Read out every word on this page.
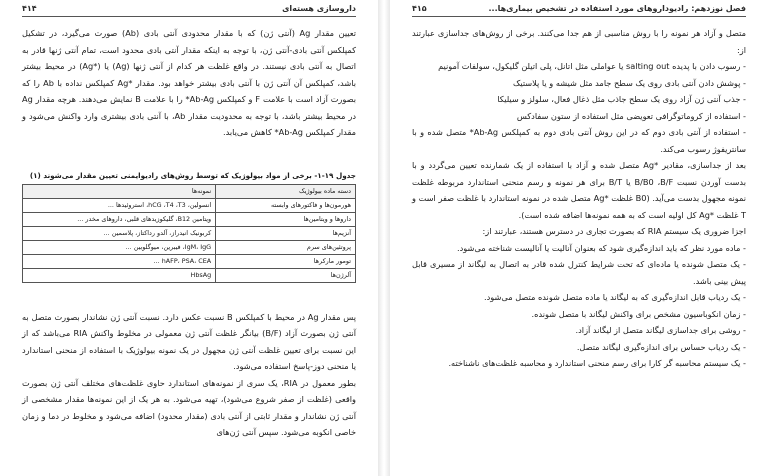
داروسازی هسته‌ای
۴۱۴

تعیین مقدار Ag (آنتی ژن) که با مقدار محدودی آنتی بادی (Ab) صورت می‌گیرد، در تشکیل کمپلکس آنتی بادی-آنتی ژن، با توجه به اینکه مقدار آنتی بادی محدود است، تمام آنتی ژنها قادر به اتصال به آنتی بادی نیستند. در واقع غلظت هر کدام از آنتی ژنها (Ag) یا (*Ag) در محیط بیشتر باشد، کمپلکس آن آنتی ژن با آنتی بادی بیشتر خواهد بود. مقدار *Ag کمپلکس نداده با Ab را که بصورت آزاد است با علامت F و کمپلکس Ab-Ag* را با علامت B نمایش می‌دهند. هرچه مقدار Ag در محیط بیشتر باشد، با توجه به محدودیت مقدار Ab، با آنتی بادی بیشتری وارد واکنش می‌شود و مقدار کمپلکس Ab-Ag* کاهش می‌یابد.

جدول ۱۹-۱- برخی از مواد بیولوژیک که توسط روش‌های رادیوایمنی تعیین مقدار می‌شوند (۱)
دسته ماده بیولوژیک	نمونه‌ها
هورمون‌ها و فاکتورهای وابسته	انسولین، hCG ،T4 ،T3، استروئیدها ...
داروها و ویتامین‌ها	ویتامین B12، گلیکوزیدهای قلبی، داروهای مخدر ...
آنزیم‌ها	کربونیک انیدراز، آلدو رداکتاز، پلاسمین ...
پروتئین‌های سرم	IgM، IgG، فیبرین، میوگلوبین ...
تومور مارکرها	hAFP، PSA، CEA ...
آلرژن‌ها	HbsAg

پس مقدار Ag در محیط با کمپلکس B نسبت عکس دارد. نسبت آنتی ژن نشاندار بصورت متصل به آنتی ژن بصورت آزاد (B/F) بیانگر غلظت آنتی ژن معمولی در مخلوط واکنش RIA می‌باشد که از این نسبت برای تعیین غلظت آنتی ژن مجهول در یک نمونه بیولوژیک با استفاده از منحنی استاندارد یا منحنی دوز-پاسخ استفاده می‌شود.

بطور معمول در RIA، یک سری از نمونه‌های استاندارد حاوی غلظت‌های مختلف آنتی ژن بصورت واقعی (غلظت از صفر شروع می‌شود)، تهیه می‌شود. به هر یک از این نمونه‌ها مقدار مشخصی از آنتی ژن نشاندار و مقدار ثابتی از آنتی بادی (مقدار محدود) اضافه می‌شود و مخلوط در دما و زمان خاصی انکوبه می‌شود. سپس آنتی ژن‌های

فصل نوزدهم: رادیوداروهای مورد استفاده در تشخیص بیماری‌ها...
۴۱۵

متصل و آزاد هر نمونه را با روش مناسبی از هم جدا می‌کنند. برخی از روش‌های جداسازی عبارتند از:

- رسوب دادن با پدیده salting out یا عواملی مثل اتانل، پلی اتیلن گلیکول، سولفات آمونیم

- پوشش دادن آنتی بادی روی یک سطح جامد مثل شیشه و یا پلاستیک

- جذب آنتی ژن آزاد روی یک سطح جاذب مثل ذغال فعال، سلولز و سیلیکا

- استفاده از کروماتوگرافی تعویضی مثل استفاده از ستون سفادکس

- استفاده از آنتی بادی دوم که در این روش آنتی بادی دوم به کمپلکس Ab-Ag* متصل شده و با سانتریفوژ رسوب می‌کند.

بعد از جداسازی، مقادیر *Ag متصل شده و آزاد با استفاده از یک شمارنده تعیین می‌گردد و با بدست آوردن نسبت B/B0 ،B/F یا B/T برای هر نمونه و رسم منحنی استاندارد مربوطه غلظت نمونه مجهول بدست می‌آید. (B0 غلظت *Ag متصل شده در نمونه استاندارد با غلظت صفر است و T غلظت *Ag کل اولیه است که به همه نمونه‌ها اضافه شده است).

اجزا ضروری یک سیستم RIA که بصورت تجاری در دسترس هستند، عبارتند از:

- ماده مورد نظر که باید اندازه‌گیری شود که بعنوان آنالیت یا آنالیست شناخته می‌شود.

- یک متصل شونده یا ماده‌ای که تحت شرایط کنترل شده قادر به اتصال به لیگاند از مسیری قابل پیش بینی باشد.

- یک ردیاب قابل اندازه‌گیری که به لیگاند یا ماده متصل شونده متصل می‌شود.

- زمان انکوباسیون مشخص برای واکنش لیگاند با متصل شونده.

- روشی برای جداسازی لیگاند متصل از لیگاند آزاد.

- یک ردیاب حساس برای اندازه‌گیری لیگاند متصل.

- یک سیستم محاسبه گر کارا برای رسم منحنی استاندارد و محاسبه غلظت‌های ناشناخته.
